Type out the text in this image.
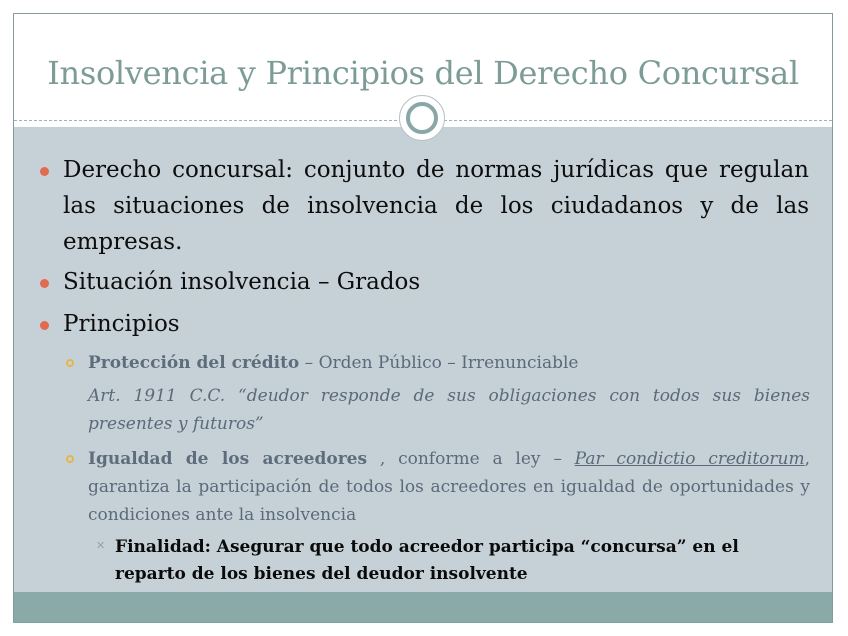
Insolvencia y Principios del Derecho Concursal
Derecho concursal: conjunto de normas jurídicas que regulan las situaciones de insolvencia de los ciudadanos y de las empresas.
Situación insolvencia – Grados
Principios
Protección del crédito – Orden Público – Irrenunciable
Art. 1911 C.C. “deudor responde de sus obligaciones con todos sus bienes presentes y futuros”
Igualdad de los acreedores , conforme a ley – Par condictio creditorum, garantiza la participación de todos los acreedores en igualdad de oportunidades y condiciones ante la insolvencia
✕ Finalidad: Asegurar que todo acreedor participa “concursa” en el reparto de los bienes del deudor insolvente
